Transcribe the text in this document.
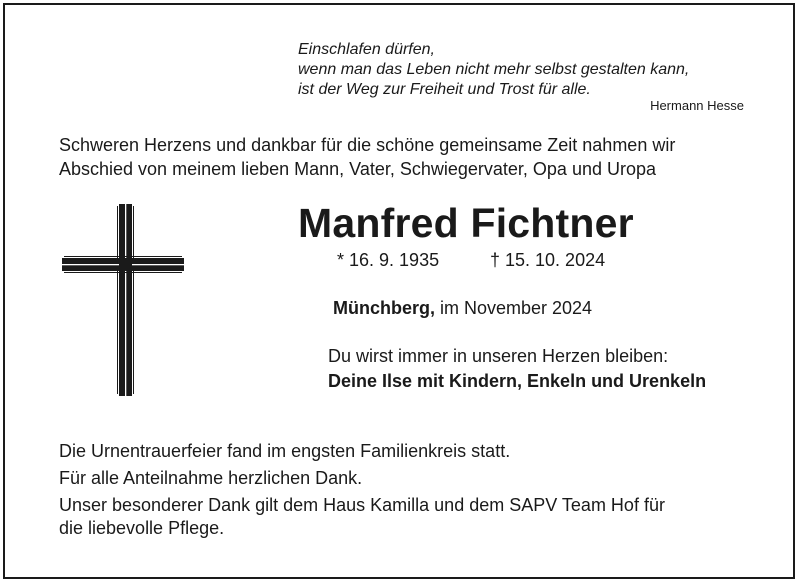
Einschlafen dürfen,
wenn man das Leben nicht mehr selbst gestalten kann,
ist der Weg zur Freiheit und Trost für alle.
Hermann Hesse
Schweren Herzens und dankbar für die schöne gemeinsame Zeit nahmen wir
Abschied von meinem lieben Mann, Vater, Schwiegervater, Opa und Uropa
Manfred Fichtner
* 16. 9. 1935	† 15. 10. 2024
Münchberg, im November 2024
Du wirst immer in unseren Herzen bleiben:
Deine Ilse mit Kindern, Enkeln und Urenkeln

Die Urnentrauerfeier fand im engsten Familienkreis statt.

Für alle Anteilnahme herzlichen Dank.

Unser besonderer Dank gilt dem Haus Kamilla und dem SAPV Team Hof für
die liebevolle Pflege.
